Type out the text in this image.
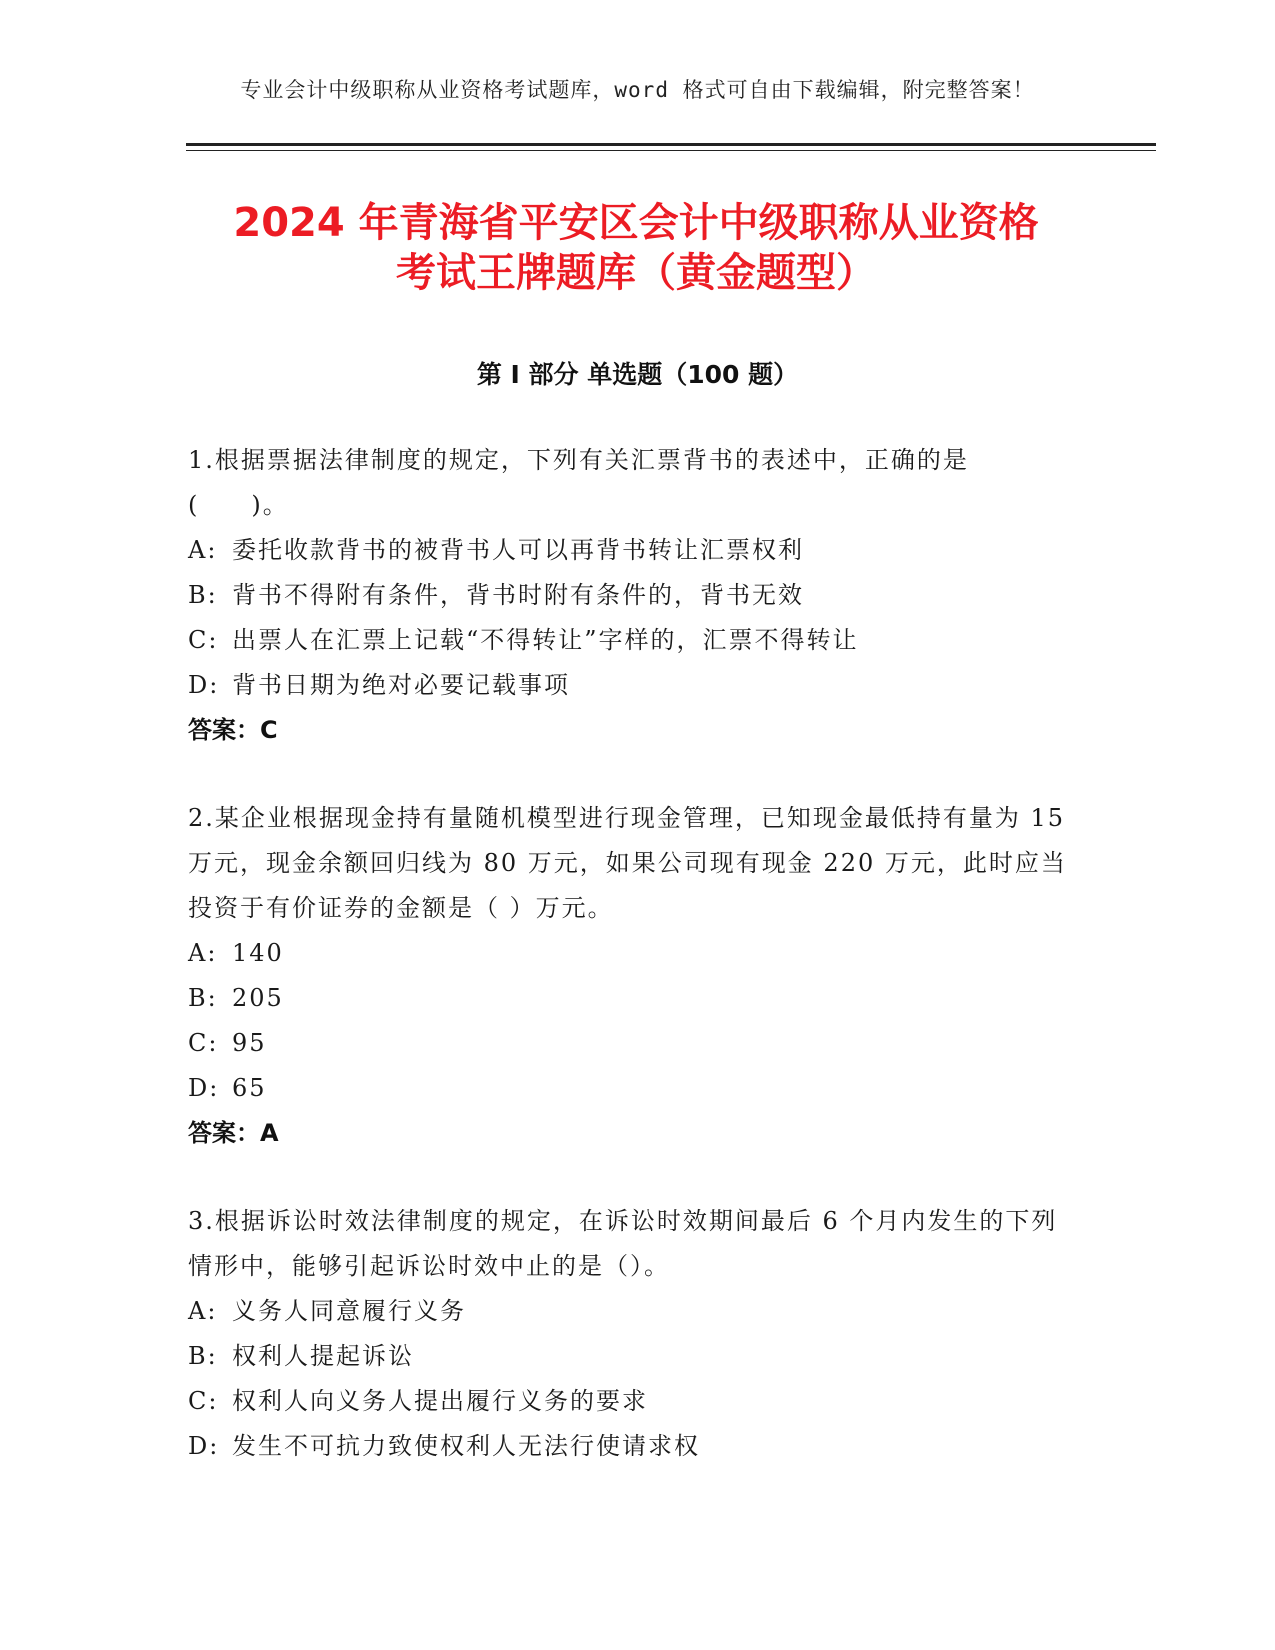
专业会计中级职称从业资格考试题库，word 格式可自由下载编辑，附完整答案！
2024 年青海省平安区会计中级职称从业资格
考试王牌题库（黄金题型）
第 I 部分 单选题（100 题）

1.根据票据法律制度的规定，下列有关汇票背书的表述中，正确的是(　　)。

A: 委托收款背书的被背书人可以再背书转让汇票权利

B: 背书不得附有条件，背书时附有条件的，背书无效

C: 出票人在汇票上记载“不得转让”字样的，汇票不得转让

D: 背书日期为绝对必要记载事项

答案：C

2.某企业根据现金持有量随机模型进行现金管理，已知现金最低持有量为 15 万元，现金余额回归线为 80 万元，如果公司现有现金 220 万元，此时应当投资于有价证券的金额是（ ）万元。

A: 140

B: 205

C: 95

D: 65

答案：A

3.根据诉讼时效法律制度的规定，在诉讼时效期间最后 6 个月内发生的下列情形中，能够引起诉讼时效中止的是（）。

A: 义务人同意履行义务

B: 权利人提起诉讼

C: 权利人向义务人提出履行义务的要求

D: 发生不可抗力致使权利人无法行使请求权
